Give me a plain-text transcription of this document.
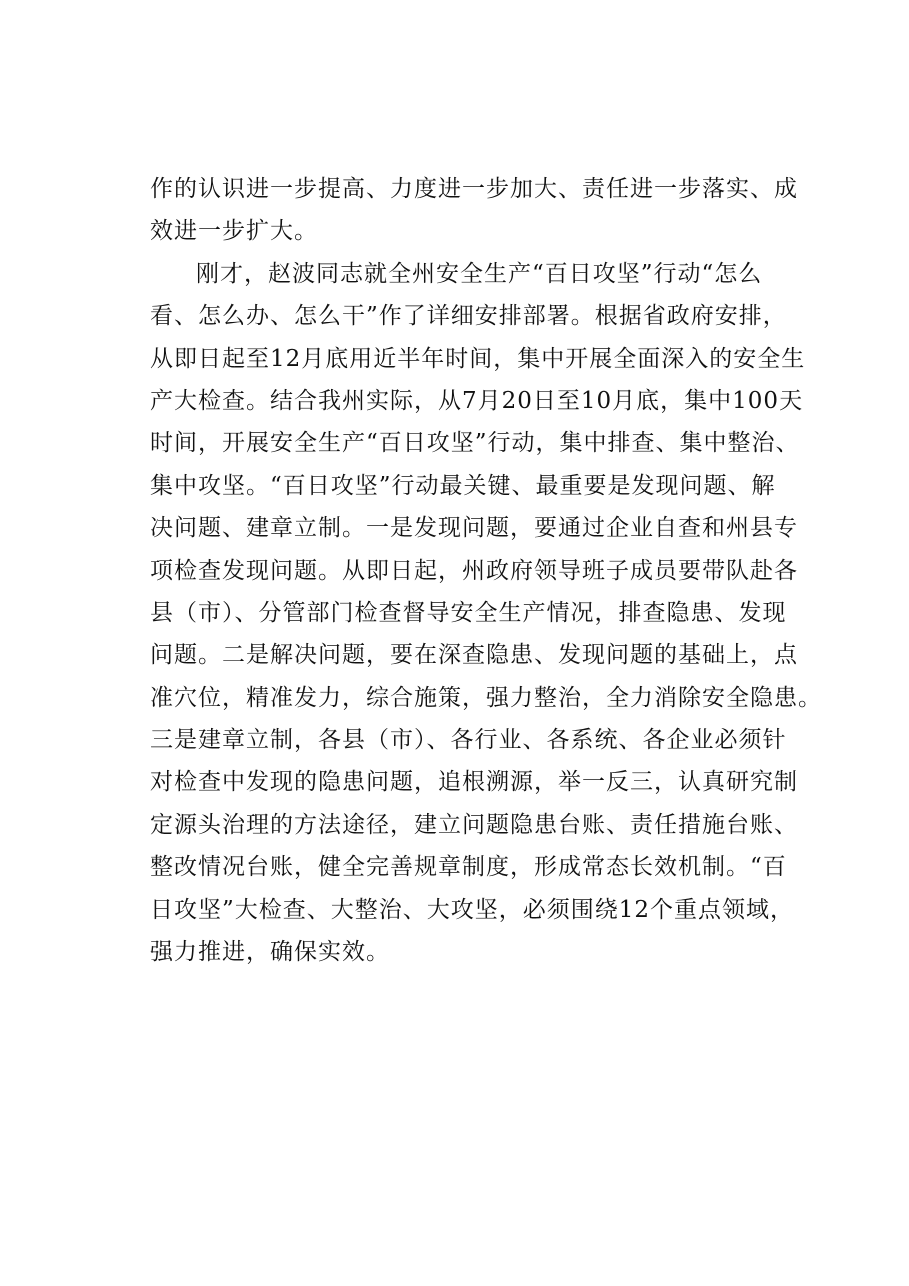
作的认识进一步提高、力度进一步加大、责任进一步落实、成
效进一步扩大。
刚才，赵波同志就全州安全生产“百日攻坚”行动“怎么
看、怎么办、怎么干”作了详细安排部署。根据省政府安排，
从即日起至12月底用近半年时间，集中开展全面深入的安全生
产大检查。结合我州实际，从7月20日至10月底，集中100天
时间，开展安全生产“百日攻坚”行动，集中排查、集中整治、
集中攻坚。“百日攻坚”行动最关键、最重要是发现问题、解
决问题、建章立制。一是发现问题，要通过企业自查和州县专
项检查发现问题。从即日起，州政府领导班子成员要带队赴各
县（市）、分管部门检查督导安全生产情况，排查隐患、发现
问题。二是解决问题，要在深查隐患、发现问题的基础上，点
准穴位，精准发力，综合施策，强力整治，全力消除安全隐患。
三是建章立制，各县（市）、各行业、各系统、各企业必须针
对检查中发现的隐患问题，追根溯源，举一反三，认真研究制
定源头治理的方法途径，建立问题隐患台账、责任措施台账、
整改情况台账，健全完善规章制度，形成常态长效机制。“百
日攻坚”大检查、大整治、大攻坚，必须围绕12个重点领域，
强力推进，确保实效。
